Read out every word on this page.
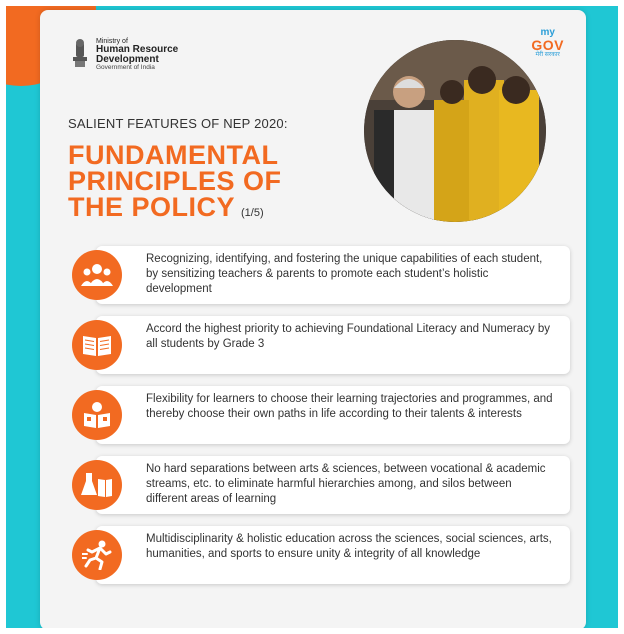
Ministry of
Human Resource
Development
Government of India
my
GOV
मेरी सरकार
SALIENT FEATURES OF NEP 2020:
FUNDAMENTAL
PRINCIPLES OF
THE POLICY (1/5)
Recognizing, identifying, and fostering the unique capabilities of each student, by sensitizing teachers & parents to promote each student’s holistic development
Accord the highest priority to achieving Foundational Literacy and Numeracy by all students by Grade 3
Flexibility for learners to choose their learning trajectories and programmes, and thereby choose their own paths in life according to their talents & interests
No hard separations between arts & sciences, between vocational & academic streams, etc. to eliminate harmful hierarchies among, and silos between different areas of learning
Multidisciplinarity & holistic education across the sciences, social sciences, arts, humanities, and sports to ensure unity & integrity of all knowledge
